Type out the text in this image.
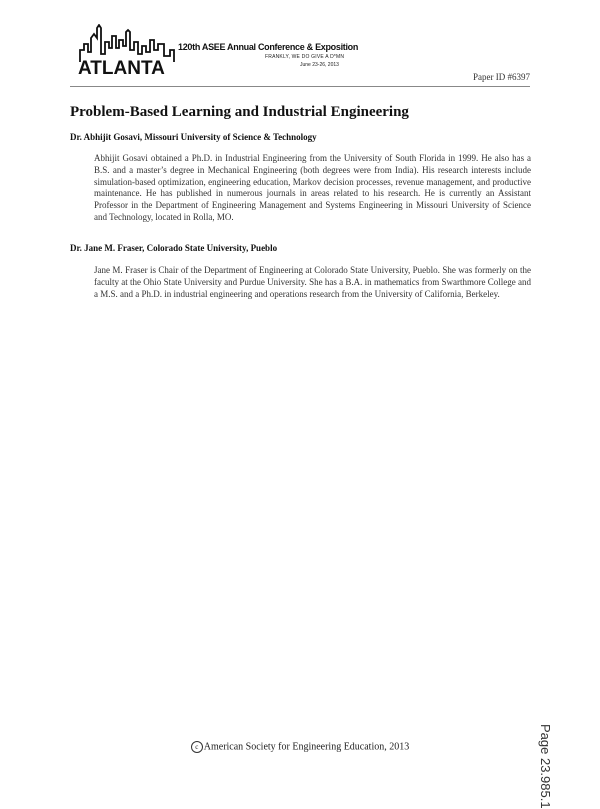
ATLANTA
120th ASEE Annual Conference & Exposition
FRANKLY, WE DO GIVE A D*MN
June 23-26, 2013
Paper ID #6397
Problem-Based Learning and Industrial Engineering

Dr. Abhijit Gosavi, Missouri University of Science & Technology

Abhijit Gosavi obtained a Ph.D. in Industrial Engineering from the University of South Florida in 1999. He also has a B.S. and a master’s degree in Mechanical Engineering (both degrees were from India). His research interests include simulation-based optimization, engineering education, Markov decision processes, revenue management, and productive maintenance. He has published in numerous journals in areas related to his research. He is currently an Assistant Professor in the Department of Engineering Management and Systems Engineering in Missouri University of Science and Technology, located in Rolla, MO.

Dr. Jane M. Fraser, Colorado State University, Pueblo

Jane M. Fraser is Chair of the Department of Engineering at Colorado State University, Pueblo. She was formerly on the faculty at the Ohio State University and Purdue University. She has a B.A. in mathematics from Swarthmore College and a M.S. and a Ph.D. in industrial engineering and operations research from the University of California, Berkeley.

Page 23.985.1
c American Society for Engineering Education, 2013
